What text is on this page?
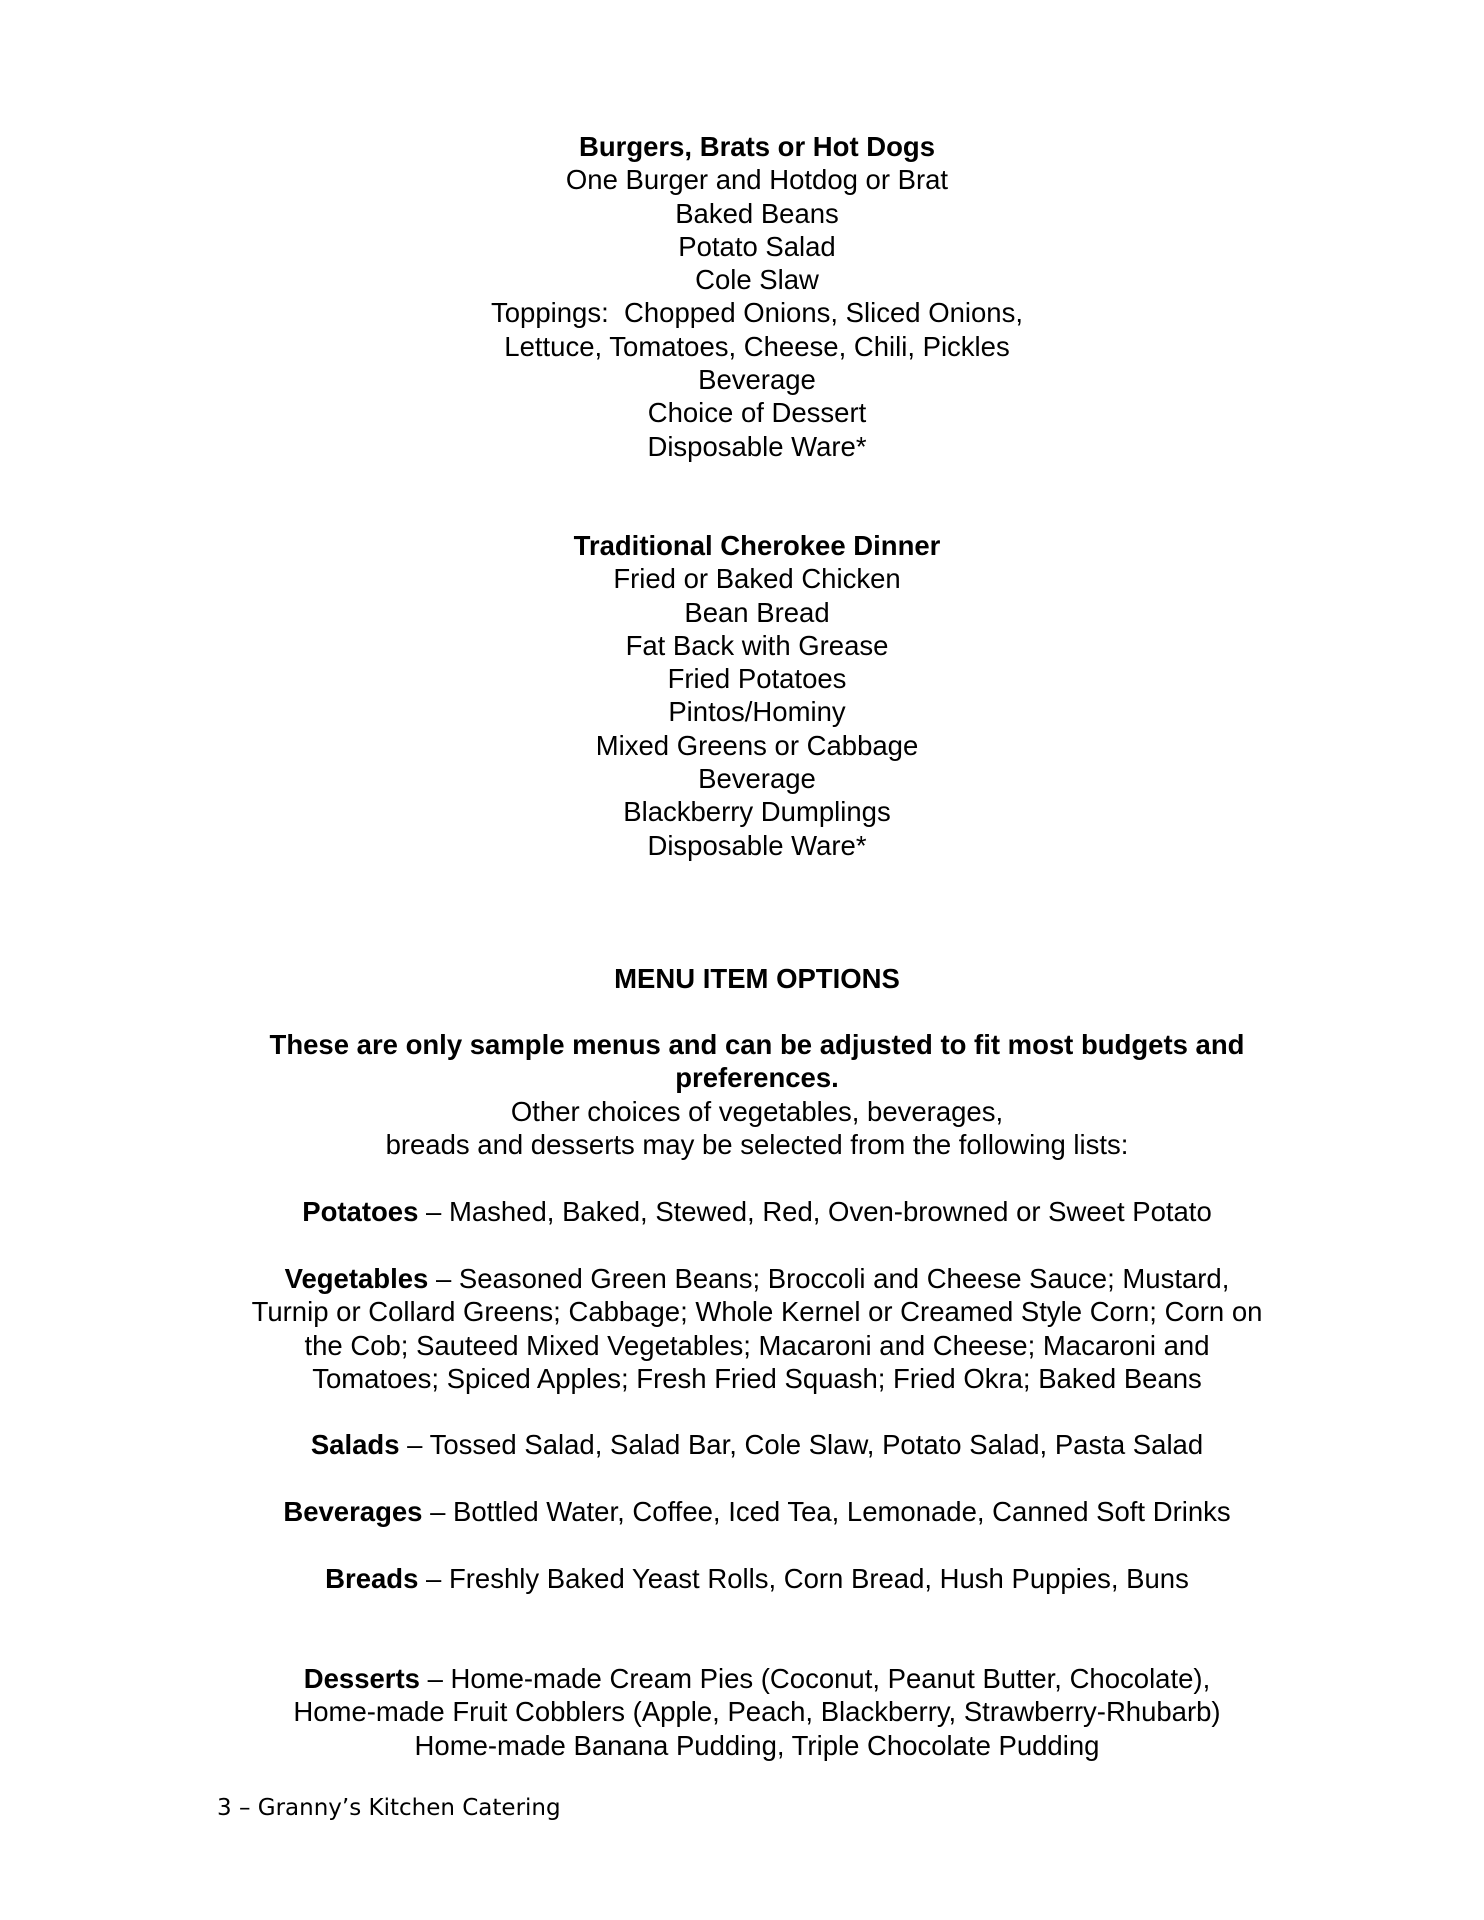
Burgers, Brats or Hot Dogs
One Burger and Hotdog or Brat
Baked Beans
Potato Salad
Cole Slaw
Toppings:  Chopped Onions, Sliced Onions,
Lettuce, Tomatoes, Cheese, Chili, Pickles
Beverage
Choice of Dessert
Disposable Ware*
Traditional Cherokee Dinner
Fried or Baked Chicken
Bean Bread
Fat Back with Grease
Fried Potatoes
Pintos/Hominy
Mixed Greens or Cabbage
Beverage
Blackberry Dumplings
Disposable Ware*
MENU ITEM OPTIONS
These are only sample menus and can be adjusted to fit most budgets and
preferences.
Other choices of vegetables, beverages,
breads and desserts may be selected from the following lists:
Potatoes – Mashed, Baked, Stewed, Red, Oven-browned or Sweet Potato
Vegetables – Seasoned Green Beans; Broccoli and Cheese Sauce; Mustard,
Turnip or Collard Greens; Cabbage; Whole Kernel or Creamed Style Corn; Corn on
the Cob; Sauteed Mixed Vegetables; Macaroni and Cheese; Macaroni and
Tomatoes; Spiced Apples; Fresh Fried Squash; Fried Okra; Baked Beans
Salads – Tossed Salad, Salad Bar, Cole Slaw, Potato Salad, Pasta Salad
Beverages – Bottled Water, Coffee, Iced Tea, Lemonade, Canned Soft Drinks
Breads – Freshly Baked Yeast Rolls, Corn Bread, Hush Puppies, Buns
Desserts – Home-made Cream Pies (Coconut, Peanut Butter, Chocolate),
Home-made Fruit Cobblers (Apple, Peach, Blackberry, Strawberry-Rhubarb)
Home-made Banana Pudding, Triple Chocolate Pudding
3 – Granny’s Kitchen Catering
